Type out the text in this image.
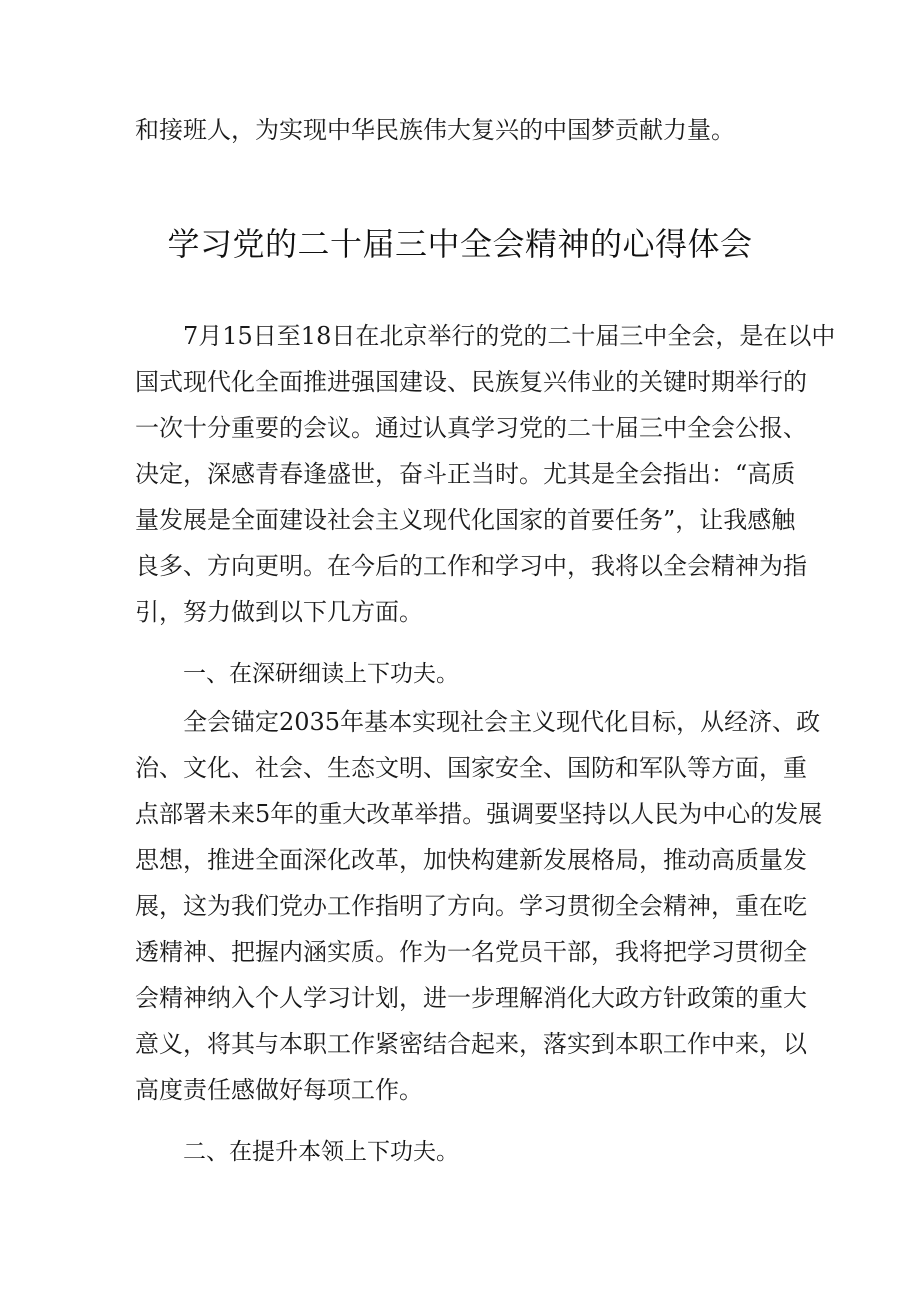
和接班人，为实现中华民族伟大复兴的中国梦贡献力量。
学习党的二十届三中全会精神的心得体会
7月15日至18日在北京举行的党的二十届三中全会，是在以中
国式现代化全面推进强国建设、民族复兴伟业的关键时期举行的
一次十分重要的会议。通过认真学习党的二十届三中全会公报、
决定，深感青春逢盛世，奋斗正当时。尤其是全会指出：“高质
量发展是全面建设社会主义现代化国家的首要任务”，让我感触
良多、方向更明。在今后的工作和学习中，我将以全会精神为指
引，努力做到以下几方面。
一、在深研细读上下功夫。
全会锚定2035年基本实现社会主义现代化目标，从经济、政
治、文化、社会、生态文明、国家安全、国防和军队等方面，重
点部署未来5年的重大改革举措。强调要坚持以人民为中心的发展
思想，推进全面深化改革，加快构建新发展格局，推动高质量发
展，这为我们党办工作指明了方向。学习贯彻全会精神，重在吃
透精神、把握内涵实质。作为一名党员干部，我将把学习贯彻全
会精神纳入个人学习计划，进一步理解消化大政方针政策的重大
意义，将其与本职工作紧密结合起来，落实到本职工作中来，以
高度责任感做好每项工作。
二、在提升本领上下功夫。
